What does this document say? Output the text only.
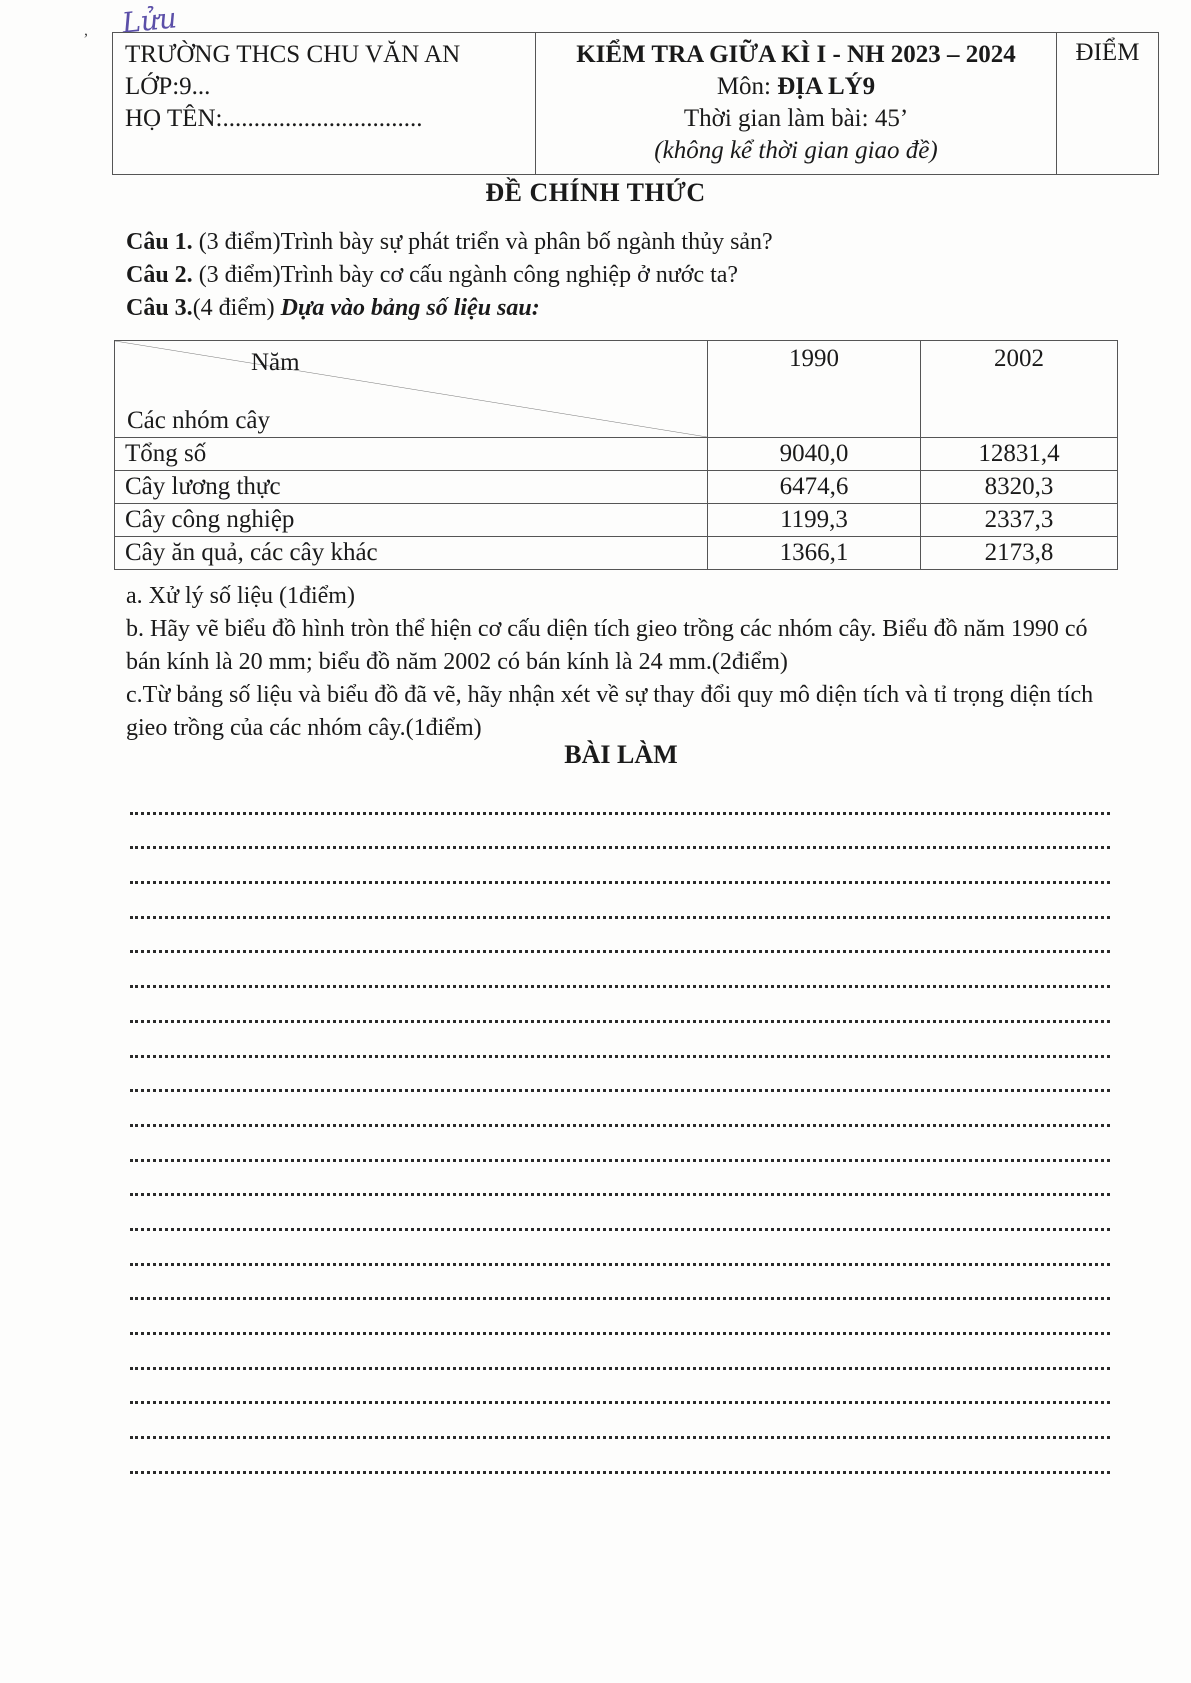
, Lửu
TRƯỜNG THCS CHU VĂN AN
LỚP:9...
HỌ TÊN:................................

KIỂM TRA GIỮA KÌ I - NH 2023 – 2024
Môn: ĐỊA LÝ9
Thời gian làm bài: 45’
(không kể thời gian giao đề)

ĐIỂM
ĐỀ CHÍNH THỨC

Câu 1. (3 điểm)Trình bày sự phát triển và phân bố ngành thủy sản?

Câu 2. (3 điểm)Trình bày cơ cấu ngành công nghiệp ở nước ta?

Câu 3.(4 điểm) Dựa vào bảng số liệu sau:

Năm
Các nhóm cây	1990	2002
Tổng số	9040,0	12831,4
Cây lương thực	6474,6	8320,3
Cây công nghiệp	1199,3	2337,3
Cây ăn quả, các cây khác	1366,1	2173,8

a. Xử lý số liệu (1điểm)

b. Hãy vẽ biểu đồ hình tròn thể hiện cơ cấu diện tích gieo trồng các nhóm cây. Biểu đồ năm 1990 có bán kính là 20 mm; biểu đồ năm 2002 có bán kính là 24 mm.(2điểm)

c.Từ bảng số liệu và biểu đồ đã vẽ, hãy nhận xét về sự thay đổi quy mô diện tích và tỉ trọng diện tích gieo trồng của các nhóm cây.(1điểm)

BÀI LÀM
